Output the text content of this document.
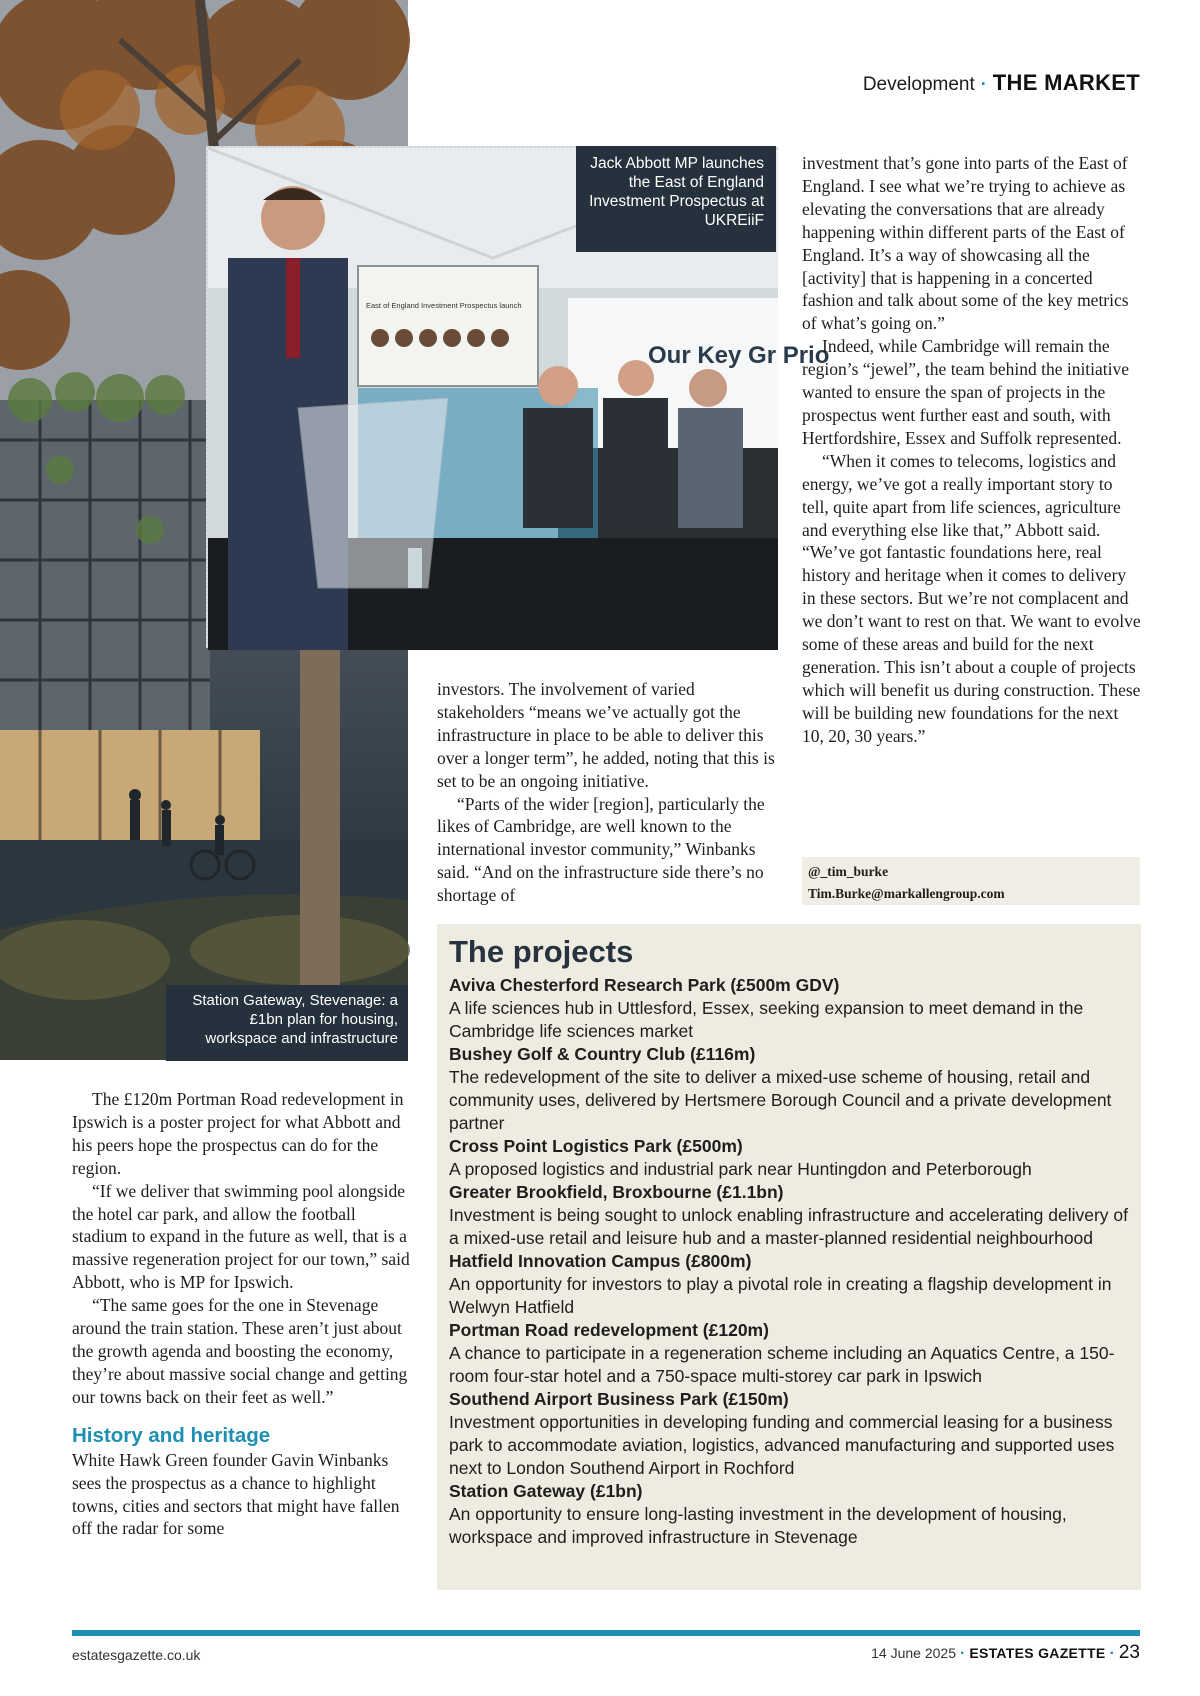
East of England Investment Prospectus launch
Our Key Gr Prio
Jack Abbott MP launches the East of England Investment Prospectus at UKREiiF
Station Gateway, Stevenage: a £1bn plan for housing, workspace and infrastructure
Development · THE MARKET

The £120m Portman Road redevelopment in Ipswich is a poster project for what Abbott and his peers hope the prospectus can do for the region.

“If we deliver that swimming pool alongside the hotel car park, and allow the football stadium to expand in the future as well, that is a massive regeneration project for our town,” said Abbott, who is MP for Ipswich.

“The same goes for the one in Stevenage around the train station. These aren’t just about the growth agenda and boosting the economy, they’re about massive social change and getting our towns back on their feet as well.”

History and heritage

White Hawk Green founder Gavin Winbanks sees the prospectus as a chance to highlight towns, cities and sectors that might have fallen off the radar for some

investors. The involvement of varied stakeholders “means we’ve actually got the infrastructure in place to be able to deliver this over a longer term”, he added, noting that this is set to be an ongoing initiative.

“Parts of the wider [region], particularly the likes of Cambridge, are well known to the international investor community,” Winbanks said. “And on the infrastructure side there’s no shortage of

investment that’s gone into parts of the East of England. I see what we’re trying to achieve as elevating the conversations that are already happening within different parts of the East of England. It’s a way of showcasing all the [activity] that is happening in a concerted fashion and talk about some of the key metrics of what’s going on.”

Indeed, while Cambridge will remain the region’s “jewel”, the team behind the initiative wanted to ensure the span of projects in the prospectus went further east and south, with Hertfordshire, Essex and Suffolk represented.

“When it comes to telecoms, logistics and energy, we’ve got a really important story to tell, quite apart from life sciences, agriculture and everything else like that,” Abbott said. “We’ve got fantastic foundations here, real history and heritage when it comes to delivery in these sectors. But we’re not complacent and we don’t want to rest on that. We want to evolve some of these areas and build for the next generation. This isn’t about a couple of projects which will benefit us during construction. These will be building new foundations for the next 10, 20, 30 years.”

@_tim_burke
Tim.Burke@markallengroup.com
The projects
Aviva Chesterford Research Park (£500m GDV)
A life sciences hub in Uttlesford, Essex, seeking expansion to meet demand in the Cambridge life sciences market
Bushey Golf & Country Club (£116m)
The redevelopment of the site to deliver a mixed-use scheme of housing, retail and community uses, delivered by Hertsmere Borough Council and a private development partner
Cross Point Logistics Park (£500m)
A proposed logistics and industrial park near Huntingdon and Peterborough
Greater Brookfield, Broxbourne (£1.1bn)
Investment is being sought to unlock enabling infrastructure and accelerating delivery of a mixed-use retail and leisure hub and a master-planned residential neighbourhood
Hatfield Innovation Campus (£800m)
An opportunity for investors to play a pivotal role in creating a flagship development in Welwyn Hatfield
Portman Road redevelopment (£120m)
A chance to participate in a regeneration scheme including an Aquatics Centre, a 150-room four-star hotel and a 750-space multi-storey car park in Ipswich
Southend Airport Business Park (£150m)
Investment opportunities in developing funding and commercial leasing for a business park to accommodate aviation, logistics, advanced manufacturing and supported uses next to London Southend Airport in Rochford
Station Gateway (£1bn)
An opportunity to ensure long-lasting investment in the development of housing, workspace and improved infrastructure in Stevenage
estatesgazette.co.uk	14 June 2025 · ESTATES GAZETTE · 23
